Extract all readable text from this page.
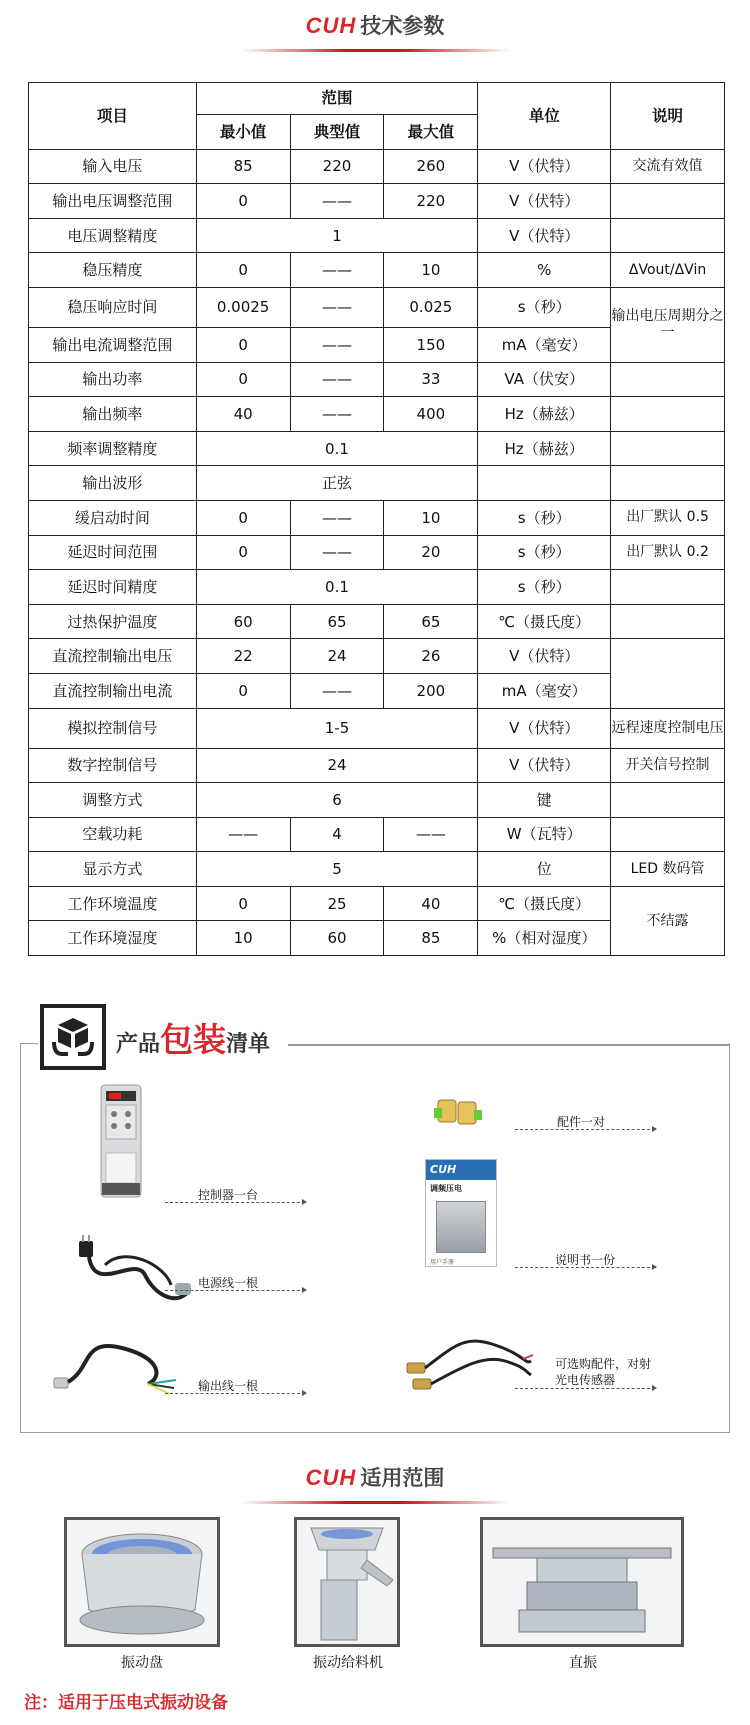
CUH 技术参数
项目	范围			单位	说明
	最小值	典型值	最大值		
输入电压	85	220	260	V（伏特）	交流有效值
输出电压调整范围	0	——	220	V（伏特）	
电压调整精度	1			V（伏特）	
稳压精度	0	——	10	%	ΔVout/ΔVin
稳压响应时间	0.0025	——	0.025	s（秒）	输出电压周期分之一
输出电流调整范围	0	——	150	mA（毫安）	
输出功率	0	——	33	VA（伏安）	
输出频率	40	——	400	Hz（赫兹）	
频率调整精度	0.1			Hz（赫兹）	
输出波形	正弦				
缓启动时间	0	——	10	s（秒）	出厂默认 0.5
延迟时间范围	0	——	20	s（秒）	出厂默认 0.2
延迟时间精度	0.1			s（秒）	
过热保护温度	60	65	65	℃（摄氏度）	
直流控制输出电压	22	24	26	V（伏特）	
直流控制输出电流	0	——	200	mA（毫安）	
模拟控制信号	1-5			V（伏特）	远程速度控制电压
数字控制信号	24			V（伏特）	开关信号控制
调整方式	6			键	
空载功耗	——	4	——	W（瓦特）	
显示方式	5			位	LED 数码管
工作环境温度	0	25	40	℃（摄氏度）	不结露
工作环境湿度	10	60	85	%（相对湿度）	
产品包装清单
控制器一台
电源线一根
输出线一根
配件一对
CUH
调频压电
用户手册	说明书一份
可选购配件，对射
光电传感器
CUH 适用范围
振动盘	振动给料机	直振
注：适用于压电式振动设备
